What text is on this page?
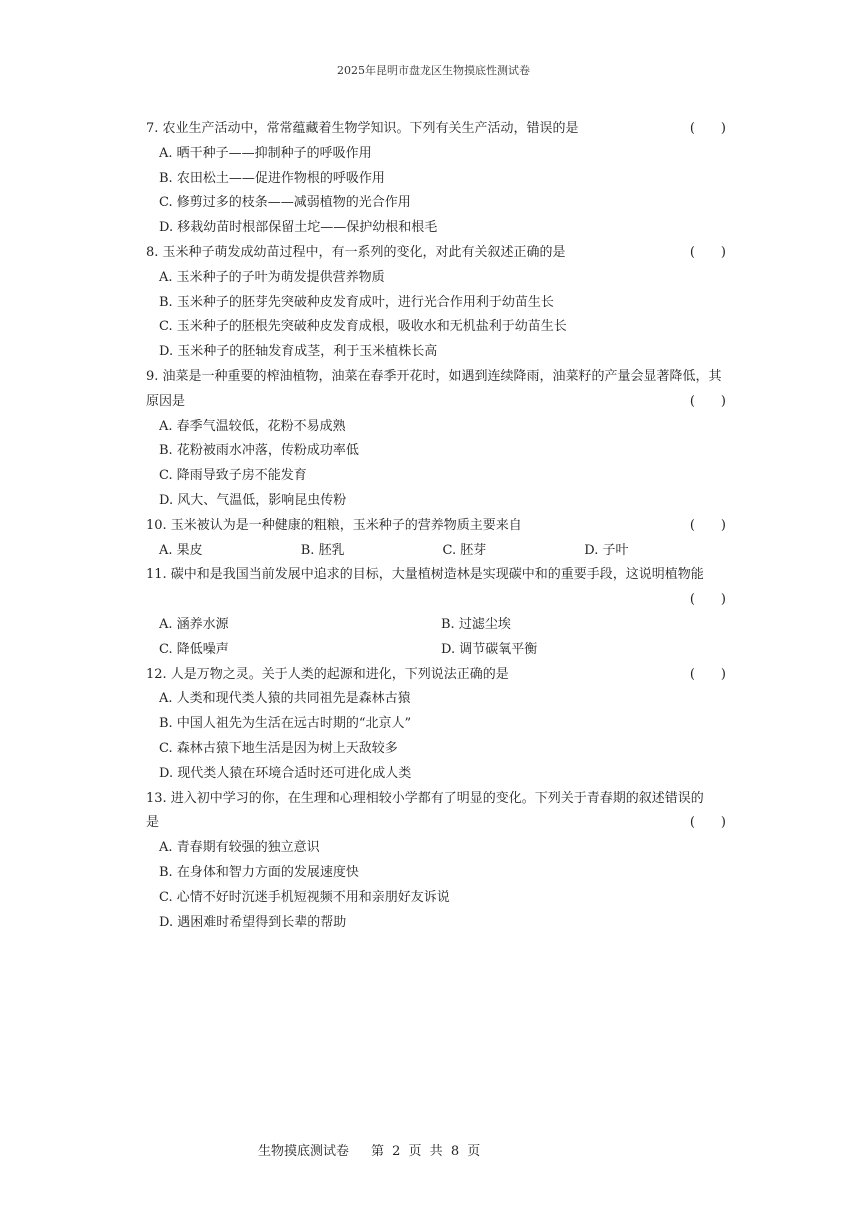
2025年昆明市盘龙区生物摸底性测试卷
7. 农业生产活动中，常常蕴藏着生物学知识。下列有关生产活动，错误的是	(　　)
A. 晒干种子——抑制种子的呼吸作用
B. 农田松土——促进作物根的呼吸作用
C. 修剪过多的枝条——减弱植物的光合作用
D. 移栽幼苗时根部保留土坨——保护幼根和根毛
8. 玉米种子萌发成幼苗过程中，有一系列的变化，对此有关叙述正确的是	(　　)
A. 玉米种子的子叶为萌发提供营养物质
B. 玉米种子的胚芽先突破种皮发育成叶，进行光合作用利于幼苗生长
C. 玉米种子的胚根先突破种皮发育成根，吸收水和无机盐利于幼苗生长
D. 玉米种子的胚轴发育成茎，利于玉米植株长高
9. 油菜是一种重要的榨油植物，油菜在春季开花时，如遇到连续降雨，油菜籽的产量会显著降低，其
原因是	(　　)
A. 春季气温较低，花粉不易成熟
B. 花粉被雨水冲落，传粉成功率低
C. 降雨导致子房不能发育
D. 风大、气温低，影响昆虫传粉
10. 玉米被认为是一种健康的粗粮，玉米种子的营养物质主要来自	(　　)
A. 果皮	B. 胚乳	C. 胚芽	D. 子叶
11. 碳中和是我国当前发展中追求的目标，大量植树造林是实现碳中和的重要手段，这说明植物能
(　　)
A. 涵养水源	B. 过滤尘埃
C. 降低噪声	D. 调节碳氧平衡
12. 人是万物之灵。关于人类的起源和进化，下列说法正确的是	(　　)
A. 人类和现代类人猿的共同祖先是森林古猿
B. 中国人祖先为生活在远古时期的“北京人”
C. 森林古猿下地生活是因为树上天敌较多
D. 现代类人猿在环境合适时还可进化成人类
13. 进入初中学习的你，在生理和心理相较小学都有了明显的变化。下列关于青春期的叙述错误的
是	(　　)
A. 青春期有较强的独立意识
B. 在身体和智力方面的发展速度快
C. 心情不好时沉迷手机短视频不用和亲朋好友诉说
D. 遇困难时希望得到长辈的帮助
生物摸底测试卷 第 2 页 共 8 页
